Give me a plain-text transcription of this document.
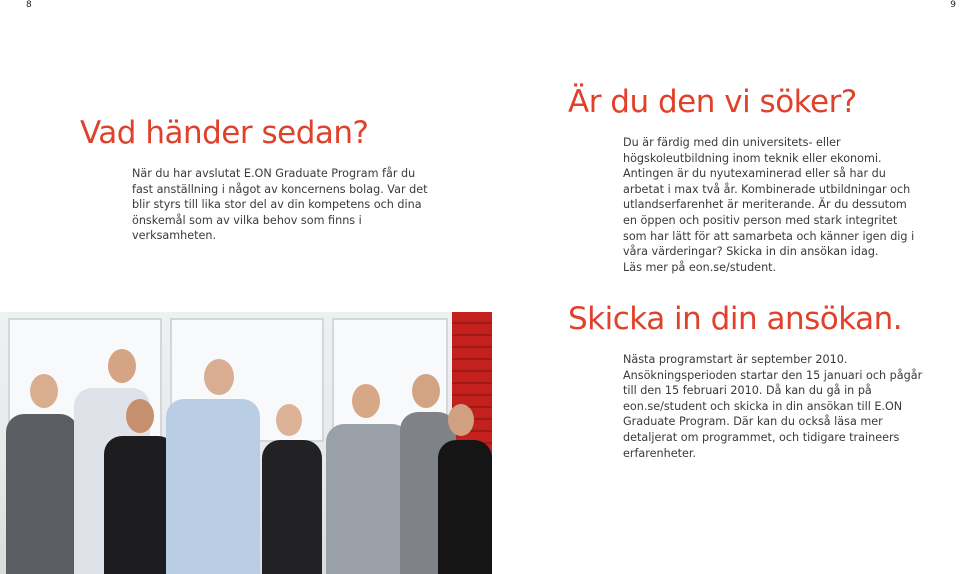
8	9
Vad händer sedan?

När du har avslutat E.ON Graduate Program får du fast anställning i något av koncernens bolag. Var det blir styrs till lika stor del av din kompetens och dina önskemål som av vilka behov som finns i verksamheten.

Är du den vi söker?

Du är färdig med din universitets- eller högskoleutbildning inom teknik eller ekonomi. Antingen är du nyutexaminerad eller så har du arbetat i max två år. Kombinerade utbildningar och utlandserfarenhet är meriterande. Är du dessutom en öppen och positiv person med stark integritet som har lätt för att samarbeta och känner igen dig i våra värderingar? Skicka in din ansökan idag.

Läs mer på eon.se/student.

Skicka in din ansökan.

Nästa programstart är september 2010. Ansökningsperioden startar den 15 januari och pågår till den 15 februari 2010. Då kan du gå in på eon.se/student och skicka in din ansökan till E.ON Graduate Program. Där kan du också läsa mer detaljerat om programmet, och tidigare traineers erfarenheter.
